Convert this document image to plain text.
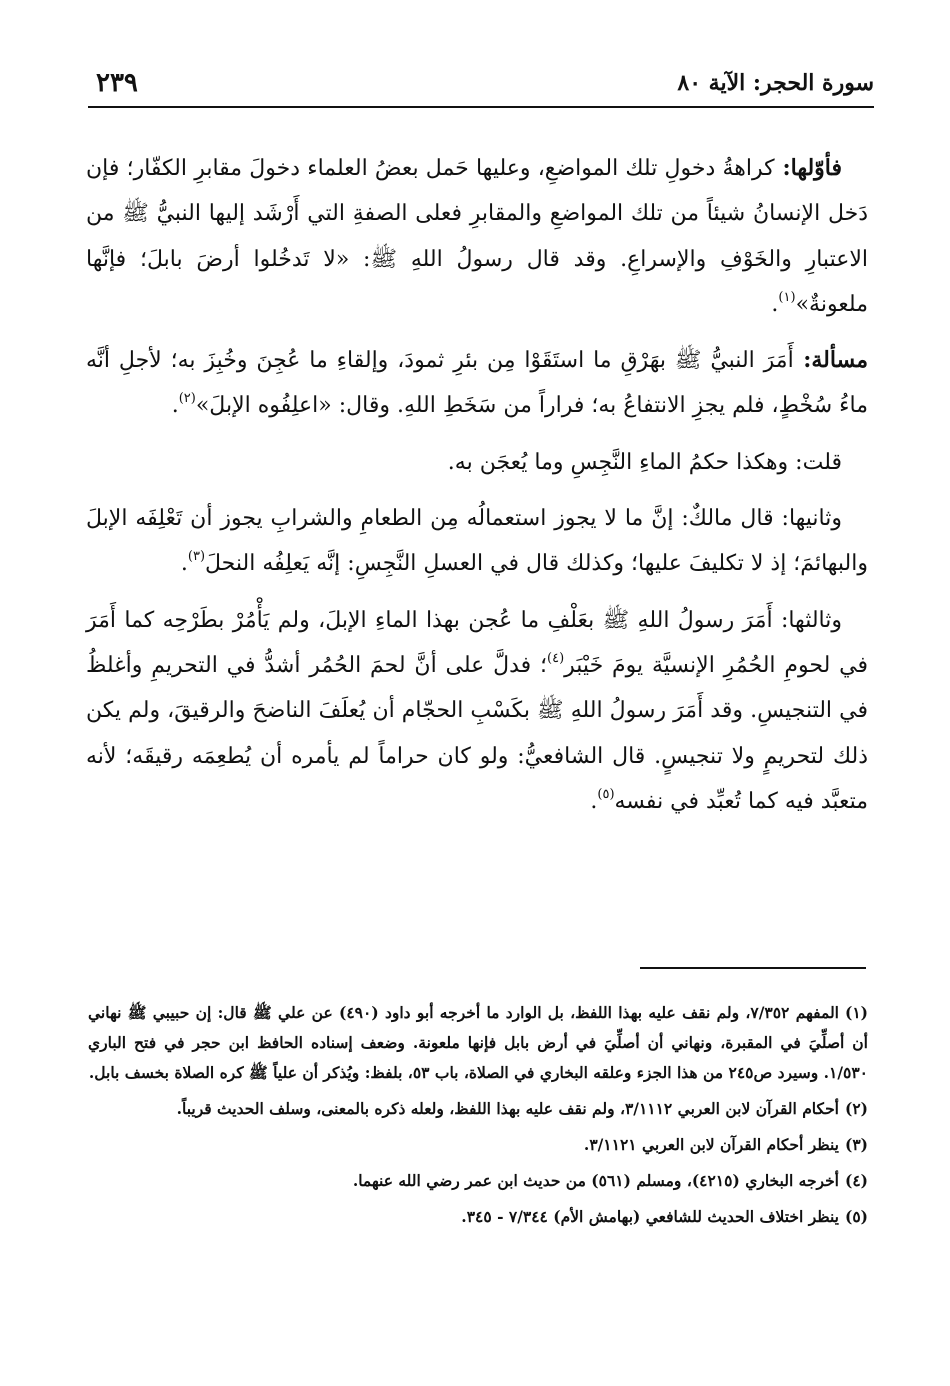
سورة الحجر: الآية ٨٠
٢٣٩

فأوّلها: كراهةُ دخولِ تلك المواضعِ، وعليها حَمل بعضُ العلماء دخولَ مقابرِ الكفّار؛ فإن دَخل الإنسانُ شيئاً من تلك المواضعِ والمقابرِ فعلى الصفةِ التي أَرْشَد إليها النبيُّ ﷺ من الاعتبارِ والخَوْفِ والإسراعِ. وقد قال رسولُ اللهِ ﷺ: «لا تَدخُلوا أرضَ بابلَ؛ فإنَّها ملعونةٌ»$^{(١)}$.

مسألة: أَمَرَ النبيُّ ﷺ بهَرْقِ ما استَقَوْا مِن بئرِ ثمودَ، وإلقاءِ ما عُجِنَ وخُبِزَ به؛ لأجلِ أنَّه ماءُ سُخْطٍ، فلم يجزِ الانتفاعُ به؛ فراراً من سَخَطِ اللهِ. وقال: «اعلِفُوه الإبلَ»$^{(٢)}$.

قلت: وهكذا حكمُ الماءِ النَّجِسِ وما يُعجَن به.

وثانيها: قال مالكٌ: إنَّ ما لا يجوز استعمالُه مِن الطعامِ والشرابِ يجوز أن تَعْلِفَه الإبلَ والبهائمَ؛ إذ لا تكليفَ عليها؛ وكذلك قال في العسلِ النَّجِسِ: إنَّه يَعلِفُه النحلَ$^{(٣)}$.

وثالثها: أَمَرَ رسولُ اللهِ ﷺ بعَلْفِ ما عُجن بهذا الماءِ الإبلَ، ولم يَأْمُرْ بطَرْحِه كما أَمَرَ في لحومِ الحُمُرِ الإنسيَّة يومَ خَيْبَر$^{(٤)}$؛ فدلَّ على أنَّ لحمَ الحُمُر أشدُّ في التحريمِ وأغلظُ في التنجيسِ. وقد أَمَرَ رسولُ اللهِ ﷺ بكَسْبِ الحجّام أن يُعلَفَ الناضحَ والرقيقَ، ولم يكن ذلك لتحريمٍ ولا تنجيسٍ. قال الشافعيُّ: ولو كان حراماً لم يأمره أن يُطعِمَه رقيقَه؛ لأنه متعبَّد فيه كما تُعبِّد في نفسه$^{(٥)}$.

(١)المفهم ٧/٣٥٢، ولم نقف عليه بهذا اللفظ، بل الوارد ما أخرجه أبو داود (٤٩٠) عن علي ﷺ قال: إن حبيبي ﷺ نهاني أن أصلِّيَ في المقبرة، ونهاني أن أصلِّيَ في أرض بابل فإنها ملعونة. وضعف إسناده الحافظ ابن حجر في فتح الباري ١/٥٣٠. وسيرد ص٢٤٥ من هذا الجزء وعلقه البخاري في الصلاة، باب ٥٣، بلفظ: ويُذكر أن علياً ﷺ كره الصلاة بخسف بابل.

(٢)أحكام القرآن لابن العربي ٣/١١١٢، ولم نقف عليه بهذا اللفظ، ولعله ذكره بالمعنى، وسلف الحديث قريباً.

(٣)ينظر أحكام القرآن لابن العربي ٣/١١٢١.

(٤)أخرجه البخاري (٤٢١٥)، ومسلم (٥٦١) من حديث ابن عمر رضي الله عنهما.

(٥)ينظر اختلاف الحديث للشافعي (بهامش الأم) ٧/٣٤٤ - ٣٤٥.
